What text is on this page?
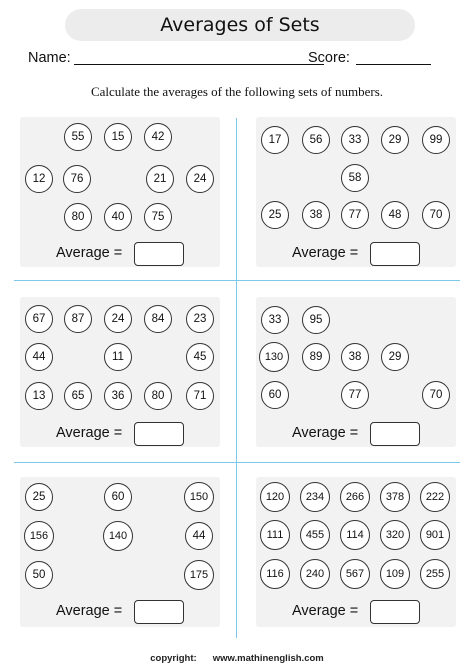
Averages of Sets
Name:	Score:
Calculate the averages of the following sets of numbers.
55	15	42
12	76	21	24
80	40	75
Average =
17	56	33	29	99
58
25	38	77	48	70
Average =
67	87	24	84	23
44	11	45
13	65	36	80	71
Average =
33	95
130	89	38	29
60	77	70
Average =
25	60	150
156	140	44
50	175
Average =
120	234	266	378	222
111	455	114	320	901
116	240	567	109	255
Average =
copyright: www.mathinenglish.com
